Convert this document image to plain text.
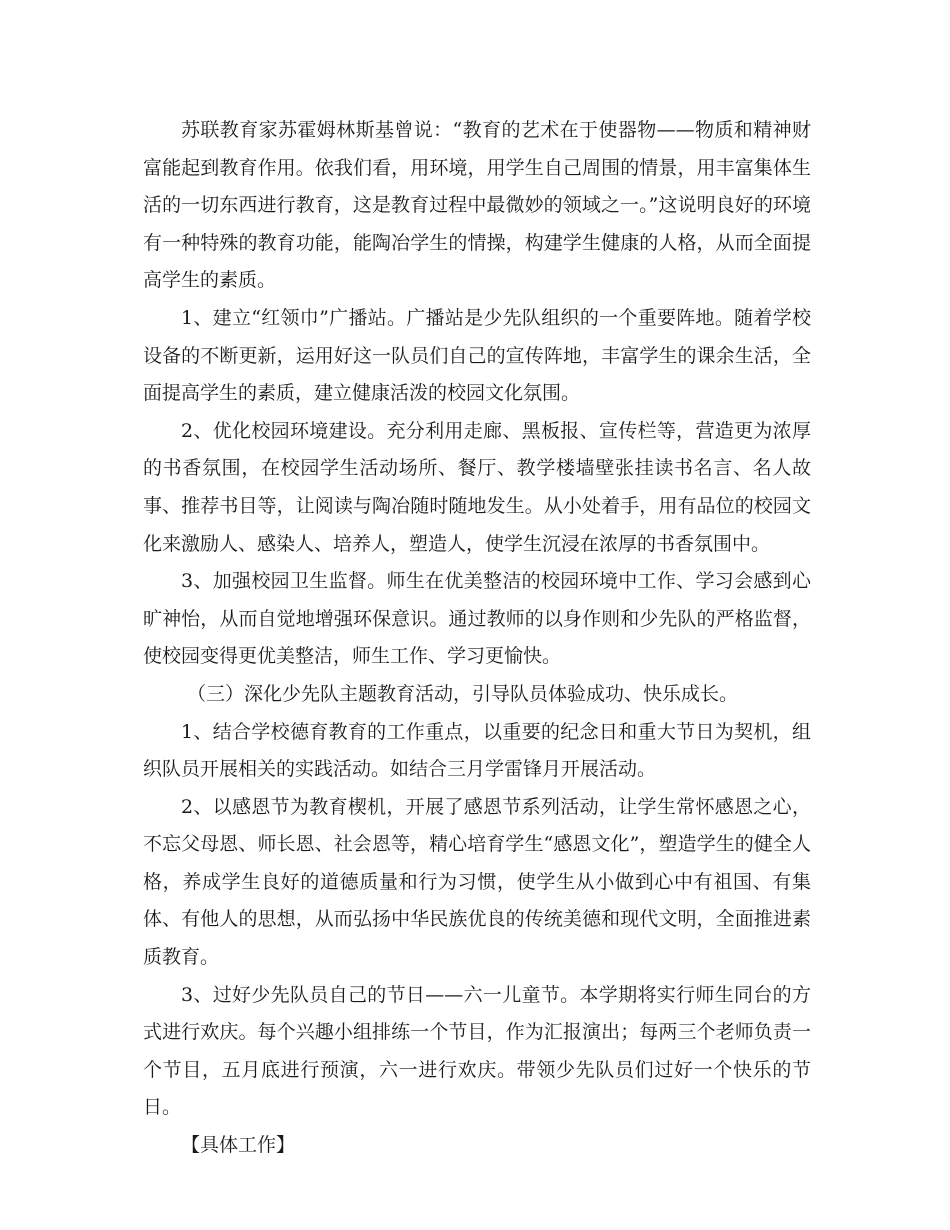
苏联教育家苏霍姆林斯基曾说：“教育的艺术在于使器物——物质和精神财富能起到教育作用。依我们看，用环境，用学生自己周围的情景，用丰富集体生活的一切东西进行教育，这是教育过程中最微妙的领域之一。”这说明良好的环境有一种特殊的教育功能，能陶冶学生的情操，构建学生健康的人格，从而全面提高学生的素质。

1、建立“红领巾”广播站。广播站是少先队组织的一个重要阵地。随着学校设备的不断更新，运用好这一队员们自己的宣传阵地，丰富学生的课余生活，全面提高学生的素质，建立健康活泼的校园文化氛围。

2、优化校园环境建设。充分利用走廊、黑板报、宣传栏等，营造更为浓厚的书香氛围，在校园学生活动场所、餐厅、教学楼墙壁张挂读书名言、名人故事、推荐书目等，让阅读与陶冶随时随地发生。从小处着手，用有品位的校园文化来激励人、感染人、培养人，塑造人，使学生沉浸在浓厚的书香氛围中。

3、加强校园卫生监督。师生在优美整洁的校园环境中工作、学习会感到心旷神怡，从而自觉地增强环保意识。通过教师的以身作则和少先队的严格监督，使校园变得更优美整洁，师生工作、学习更愉快。

（三）深化少先队主题教育活动，引导队员体验成功、快乐成长。

1、结合学校德育教育的工作重点，以重要的纪念日和重大节日为契机，组织队员开展相关的实践活动。如结合三月学雷锋月开展活动。

2、以感恩节为教育楔机，开展了感恩节系列活动，让学生常怀感恩之心，不忘父母恩、师长恩、社会恩等，精心培育学生“感恩文化”，塑造学生的健全人格，养成学生良好的道德质量和行为习惯，使学生从小做到心中有祖国、有集体、有他人的思想，从而弘扬中华民族优良的传统美德和现代文明，全面推进素质教育。

3、过好少先队员自己的节日——六一儿童节。本学期将实行师生同台的方式进行欢庆。每个兴趣小组排练一个节目，作为汇报演出；每两三个老师负责一个节目，五月底进行预演，六一进行欢庆。带领少先队员们过好一个快乐的节日。

【具体工作】
